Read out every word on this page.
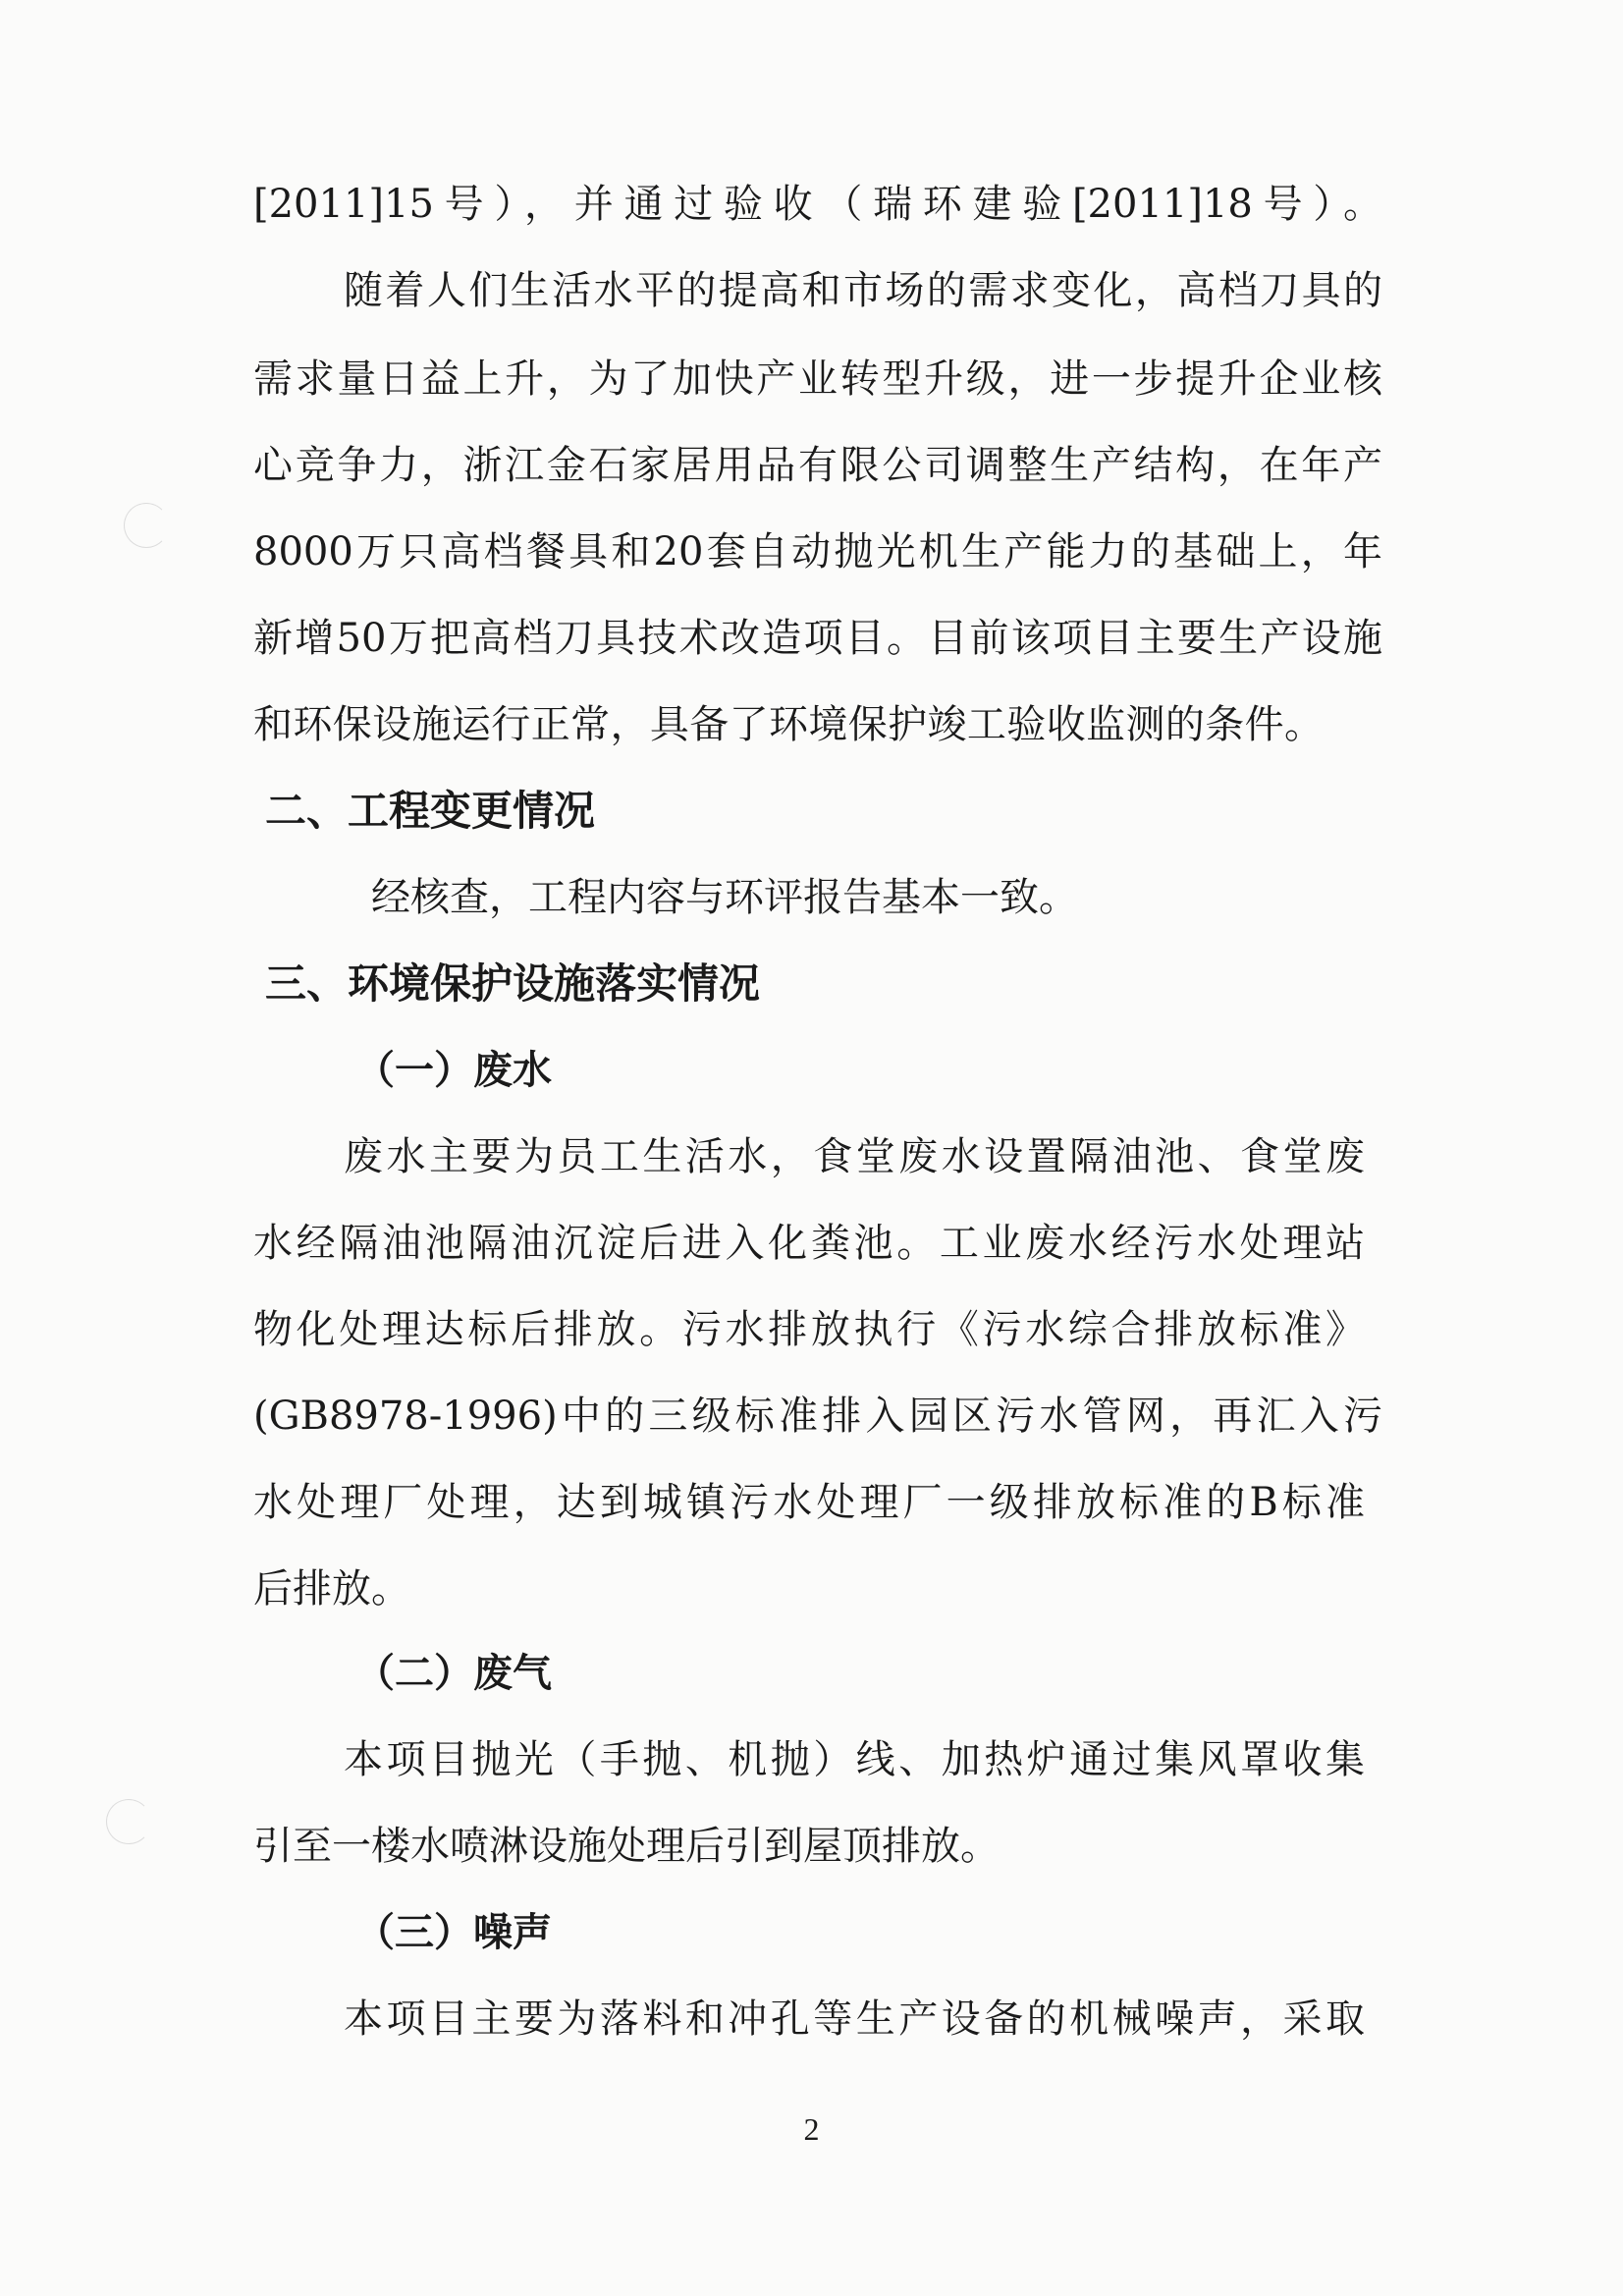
[2011]15号），并通过验收（瑞环建验[2011]18号）。

随着人们生活水平的提高和市场的需求变化，高档刀具的

需求量日益上升，为了加快产业转型升级，进一步提升企业核

心竞争力，浙江金石家居用品有限公司调整生产结构，在年产

8000万只高档餐具和20套自动抛光机生产能力的基础上，年

新增50万把高档刀具技术改造项目。目前该项目主要生产设施

和环保设施运行正常，具备了环境保护竣工验收监测的条件。

二、工程变更情况

经核查，工程内容与环评报告基本一致。

三、环境保护设施落实情况
（一）废水

废水主要为员工生活水，食堂废水设置隔油池、食堂废

水经隔油池隔油沉淀后进入化粪池。工业废水经污水处理站

物化处理达标后排放。污水排放执行《污水综合排放标准》

(GB8978-1996)中的三级标准排入园区污水管网，再汇入污

水处理厂处理，达到城镇污水处理厂一级排放标准的B标准

后排放。

（二）废气

本项目抛光（手抛、机抛）线、加热炉通过集风罩收集

引至一楼水喷淋设施处理后引到屋顶排放。

（三）噪声

本项目主要为落料和冲孔等生产设备的机械噪声，采取

2
